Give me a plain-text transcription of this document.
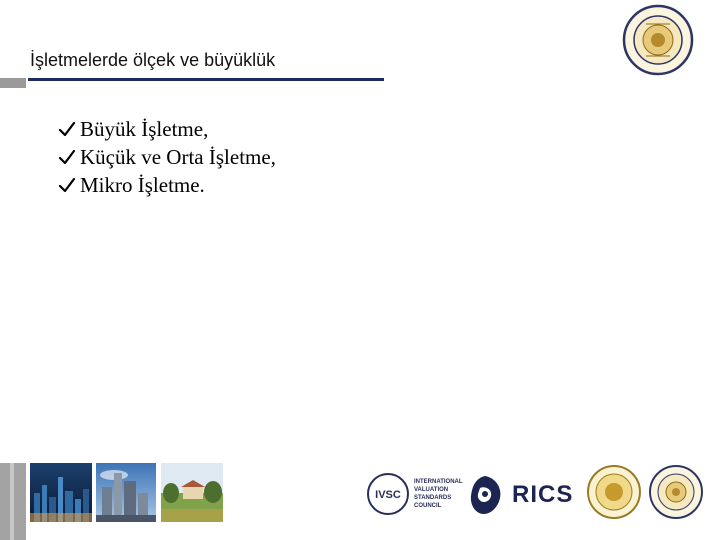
İşletmelerde ölçek ve büyüklük
Büyük İşletme,
Küçük ve Orta İşletme,
Mikro İşletme.
IVSC
INTERNATIONAL
VALUATION
STANDARDS
COUNCIL	RICS
